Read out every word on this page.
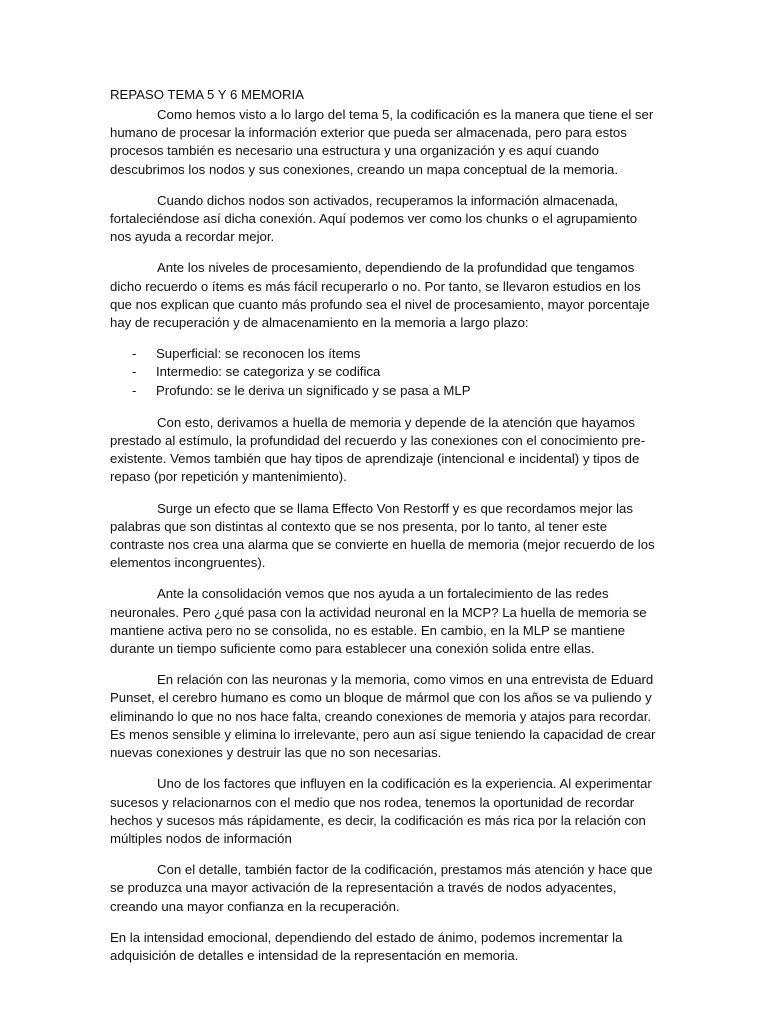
REPASO TEMA 5 Y 6 MEMORIA

Como hemos visto a lo largo del tema 5, la codificación es la manera que tiene el ser humano de procesar la información exterior que pueda ser almacenada, pero para estos procesos también es necesario una estructura y una organización y es aquí cuando descubrimos los nodos y sus conexiones, creando un mapa conceptual de la memoria.

Cuando dichos nodos son activados, recuperamos la información almacenada, fortaleciéndose así dicha conexión. Aquí podemos ver como los chunks o el agrupamiento nos ayuda a recordar mejor.

Ante los niveles de procesamiento, dependiendo de la profundidad que tengamos dicho recuerdo o ítems es más fácil recuperarlo o no. Por tanto, se llevaron estudios en los que nos explican que cuanto más profundo sea el nivel de procesamiento, mayor porcentaje hay de recuperación y de almacenamiento en la memoria a largo plazo:

- Superficial: se reconocen los ítems
- Intermedio: se categoriza y se codifica
- Profundo: se le deriva un significado y se pasa a MLP

Con esto, derivamos a huella de memoria y depende de la atención que hayamos prestado al estímulo, la profundidad del recuerdo y las conexiones con el conocimiento pre-existente. Vemos también que hay tipos de aprendizaje (intencional e incidental) y tipos de repaso (por repetición y mantenimiento).

Surge un efecto que se llama Effecto Von Restorff y es que recordamos mejor las palabras que son distintas al contexto que se nos presenta, por lo tanto, al tener este contraste nos crea una alarma que se convierte en huella de memoria (mejor recuerdo de los elementos incongruentes).

Ante la consolidación vemos que nos ayuda a un fortalecimiento de las redes neuronales. Pero ¿qué pasa con la actividad neuronal en la MCP? La huella de memoria se mantiene activa pero no se consolida, no es estable. En cambio, en la MLP se mantiene durante un tiempo suficiente como para establecer una conexión solida entre ellas.

En relación con las neuronas y la memoria, como vimos en una entrevista de Eduard Punset, el cerebro humano es como un bloque de mármol que con los años se va puliendo y eliminando lo que no nos hace falta, creando conexiones de memoria y atajos para recordar. Es menos sensible y elimina lo irrelevante, pero aun así sigue teniendo la capacidad de crear nuevas conexiones y destruir las que no son necesarias.

Uno de los factores que influyen en la codificación es la experiencia. Al experimentar sucesos y relacionarnos con el medio que nos rodea, tenemos la oportunidad de recordar hechos y sucesos más rápidamente, es decir, la codificación es más rica por la relación con múltiples nodos de información

Con el detalle, también factor de la codificación, prestamos más atención y hace que se produzca una mayor activación de la representación a través de nodos adyacentes, creando una mayor confianza en la recuperación.

En la intensidad emocional, dependiendo del estado de ánimo, podemos incrementar la adquisición de detalles e intensidad de la representación en memoria.
